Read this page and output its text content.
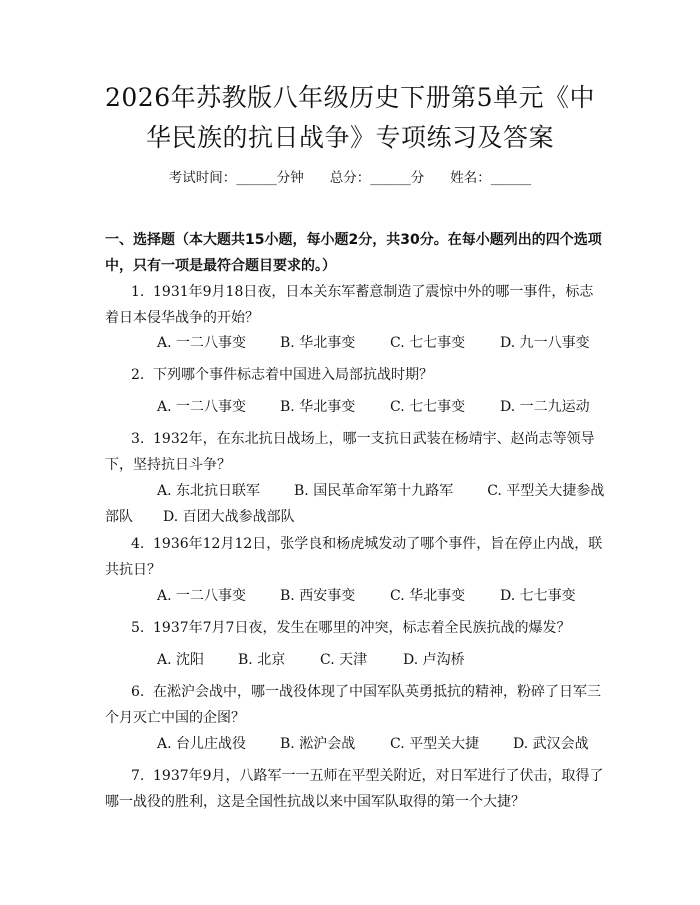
2026年苏教版八年级历史下册第5单元《中
华民族的抗日战争》专项练习及答案
考试时间：______分钟 总分：______分 姓名：______
一、选择题（本大题共15小题，每小题2分，共30分。在每小题列出的四个选项中，只有一项是最符合题目要求的。）
1. 1931年9月18日夜，日本关东军蓄意制造了震惊中外的哪一事件，标志着日本侵华战争的开始？
A. 一二八事变 B. 华北事变 C. 七七事变 D. 九一八事变
2. 下列哪个事件标志着中国进入局部抗战时期？
A. 一二八事变 B. 华北事变 C. 七七事变 D. 一二九运动
3. 1932年，在东北抗日战场上，哪一支抗日武装在杨靖宇、赵尚志等领导下，坚持抗日斗争？
A. 东北抗日联军 B. 国民革命军第十九路军 C. 平型关大捷参战部队 D. 百团大战参战部队
4. 1936年12月12日，张学良和杨虎城发动了哪个事件，旨在停止内战，联共抗日？
A. 一二八事变 B. 西安事变 C. 华北事变 D. 七七事变
5. 1937年7月7日夜，发生在哪里的冲突，标志着全民族抗战的爆发？
A. 沈阳 B. 北京 C. 天津	D. 卢沟桥
6. 在淞沪会战中，哪一战役体现了中国军队英勇抵抗的精神，粉碎了日军三个月灭亡中国的企图？
A. 台儿庄战役 B. 淞沪会战 C. 平型关大捷 D. 武汉会战
7. 1937年9月，八路军一一五师在平型关附近，对日军进行了伏击，取得了哪一战役的胜利，这是全国性抗战以来中国军队取得的第一个大捷？
